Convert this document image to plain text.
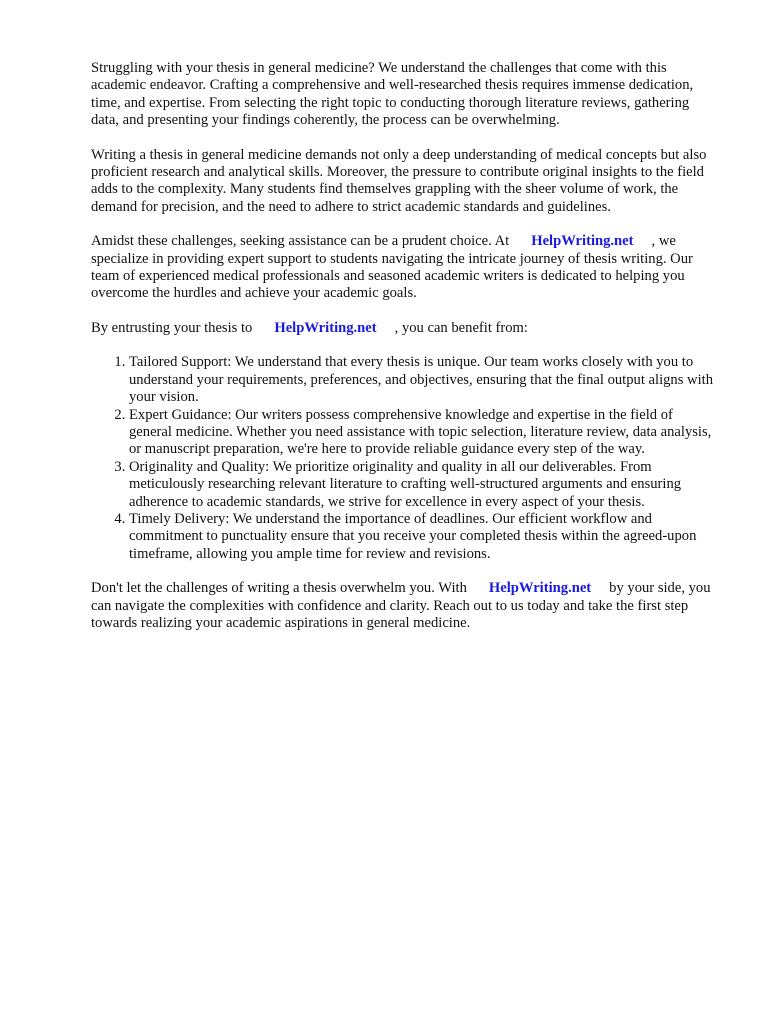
Struggling with your thesis in general medicine? We understand the challenges that come with this academic endeavor. Crafting a comprehensive and well-researched thesis requires immense dedication, time, and expertise. From selecting the right topic to conducting thorough literature reviews, gathering data, and presenting your findings coherently, the process can be overwhelming.

Writing a thesis in general medicine demands not only a deep understanding of medical concepts but also proficient research and analytical skills. Moreover, the pressure to contribute original insights to the field adds to the complexity. Many students find themselves grappling with the sheer volume of work, the demand for precision, and the need to adhere to strict academic standards and guidelines.

Amidst these challenges, seeking assistance can be a prudent choice. At HelpWriting.net , we specialize in providing expert support to students navigating the intricate journey of thesis writing. Our team of experienced medical professionals and seasoned academic writers is dedicated to helping you overcome the hurdles and achieve your academic goals.

By entrusting your thesis to HelpWriting.net , you can benefit from:

1. Tailored Support: We understand that every thesis is unique. Our team works closely with you to understand your requirements, preferences, and objectives, ensuring that the final output aligns with your vision.
2. Expert Guidance: Our writers possess comprehensive knowledge and expertise in the field of general medicine. Whether you need assistance with topic selection, literature review, data analysis, or manuscript preparation, we're here to provide reliable guidance every step of the way.
3. Originality and Quality: We prioritize originality and quality in all our deliverables. From meticulously researching relevant literature to crafting well-structured arguments and ensuring adherence to academic standards, we strive for excellence in every aspect of your thesis.
4. Timely Delivery: We understand the importance of deadlines. Our efficient workflow and commitment to punctuality ensure that you receive your completed thesis within the agreed-upon timeframe, allowing you ample time for review and revisions.

Don't let the challenges of writing a thesis overwhelm you. With HelpWriting.net by your side, you can navigate the complexities with confidence and clarity. Reach out to us today and take the first step towards realizing your academic aspirations in general medicine.
